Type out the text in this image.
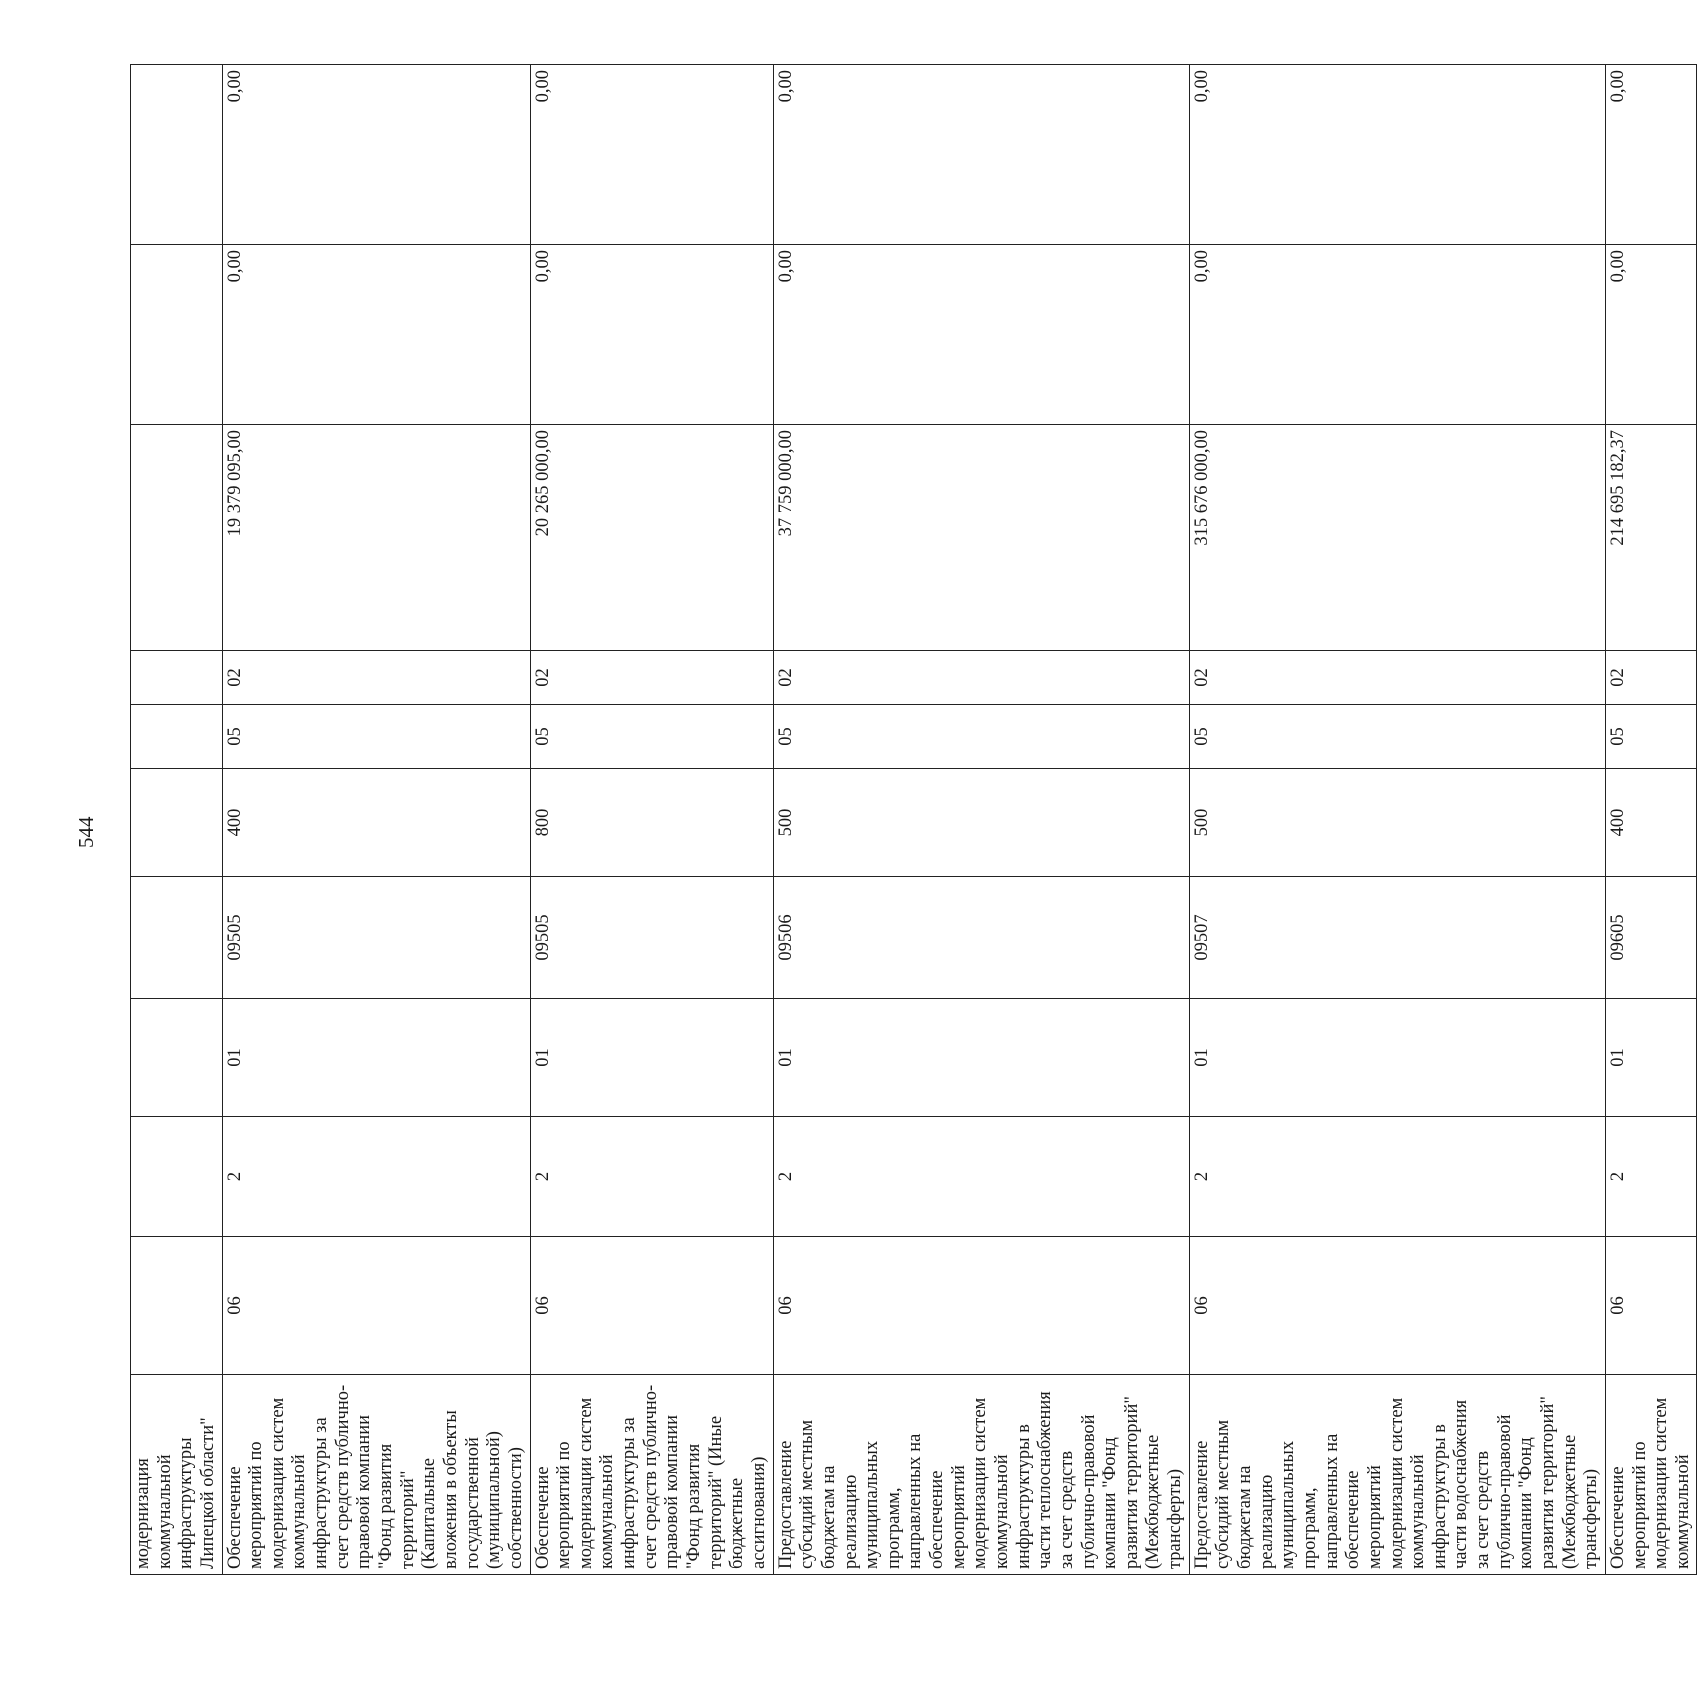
544
модернизация коммунальной инфраструктуры Липецкой области"										
Обеспечение мероприятий по модернизации систем коммунальной инфраструктуры за счет средств публично-правовой компании "Фонд развития территорий" (Капитальные вложения в объекты государственной (муниципальной) собственности)	06	2	01	09505	400	05	02	19 379 095,00	0,00	0,00
Обеспечение мероприятий по модернизации систем коммунальной инфраструктуры за счет средств публично-правовой компании "Фонд развития территорий" (Иные бюджетные ассигнования)	06	2	01	09505	800	05	02	20 265 000,00	0,00	0,00
Предоставление субсидий местным бюджетам на реализацию муниципальных программ, направленных на обеспечение мероприятий модернизации систем коммунальной инфраструктуры в части теплоснабжения за счет средств публично-правовой компании "Фонд развития территорий" (Межбюджетные трансферты)	06	2	01	09506	500	05	02	37 759 000,00	0,00	0,00
Предоставление субсидий местным бюджетам на реализацию муниципальных программ, направленных на обеспечение мероприятий модернизации систем коммунальной инфраструктуры в части водоснабжения за счет средств публично-правовой компании "Фонд развития территорий" (Межбюджетные трансферты)	06	2	01	09507	500	05	02	315 676 000,00	0,00	0,00
Обеспечение мероприятий по модернизации систем коммунальной	06	2	01	09605	400	05	02	214 695 182,37	0,00	0,00
